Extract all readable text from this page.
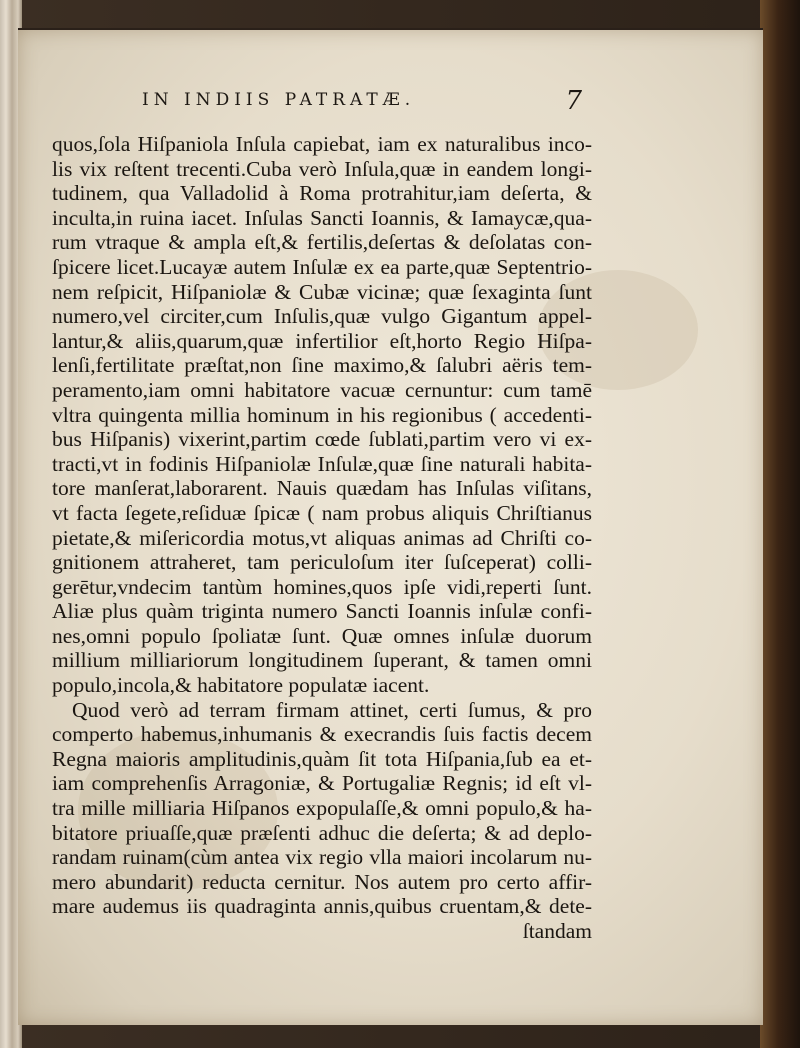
IN INDIIS PATRATÆ.	7
quos,ſola Hiſpaniola Inſula capiebat, iam ex naturalibus inco-
lis vix reſtent trecenti.Cuba verò Inſula,quæ in eandem longi-
tudinem, qua Valladolid à Roma protrahitur,iam deſerta, &
inculta,in ruina iacet. Inſulas Sancti Ioannis, & Iamaycæ,qua-
rum vtraque & ampla eſt,& fertilis,deſertas & deſolatas con-
ſpicere licet.Lucayæ autem Inſulæ ex ea parte,quæ Septentrio-
nem reſpicit, Hiſpaniolæ & Cubæ vicinæ; quæ ſexaginta ſunt
numero,vel circiter,cum Inſulis,quæ vulgo Gigantum appel-
lantur,& aliis,quarum,quæ infertilior eſt,horto Regio Hiſpa-
lenſi,fertilitate præſtat,non ſine maximo,& ſalubri aëris tem-
peramento,iam omni habitatore vacuæ cernuntur: cum tamē
vltra quingenta millia hominum in his regionibus ( accedenti-
bus Hiſpanis) vixerint,partim cœde ſublati,partim vero vi ex-
tracti,vt in fodinis Hiſpaniolæ Inſulæ,quæ ſine naturali habita-
tore manſerat,laborarent. Nauis quædam has Inſulas viſitans,
vt facta ſegete,reſiduæ ſpicæ ( nam probus aliquis Chriſtianus
pietate,& miſericordia motus,vt aliquas animas ad Chriſti co-
gnitionem attraheret, tam periculoſum iter ſuſceperat) colli-
gerētur,vndecim tantùm homines,quos ipſe vidi,reperti ſunt.
Aliæ plus quàm triginta numero Sancti Ioannis inſulæ confi-
nes,omni populo ſpoliatæ ſunt. Quæ omnes inſulæ duorum
millium milliariorum longitudinem ſuperant, & tamen omni
populo,incola,& habitatore populatæ iacent.
Quod verò ad terram firmam attinet, certi ſumus, & pro
comperto habemus,inhumanis & execrandis ſuis factis decem
Regna maioris amplitudinis,quàm ſit tota Hiſpania,ſub ea et-
iam comprehenſis Arragoniæ, & Portugaliæ Regnis; id eſt vl-
tra mille milliaria Hiſpanos expopulaſſe,& omni populo,& ha-
bitatore priuaſſe,quæ præſenti adhuc die deſerta; & ad deplo-
randam ruinam(cùm antea vix regio vlla maiori incolarum nu-
mero abundarit) reducta cernitur. Nos autem pro certo affir-
mare audemus iis quadraginta annis,quibus cruentam,& dete-
ſtandam
